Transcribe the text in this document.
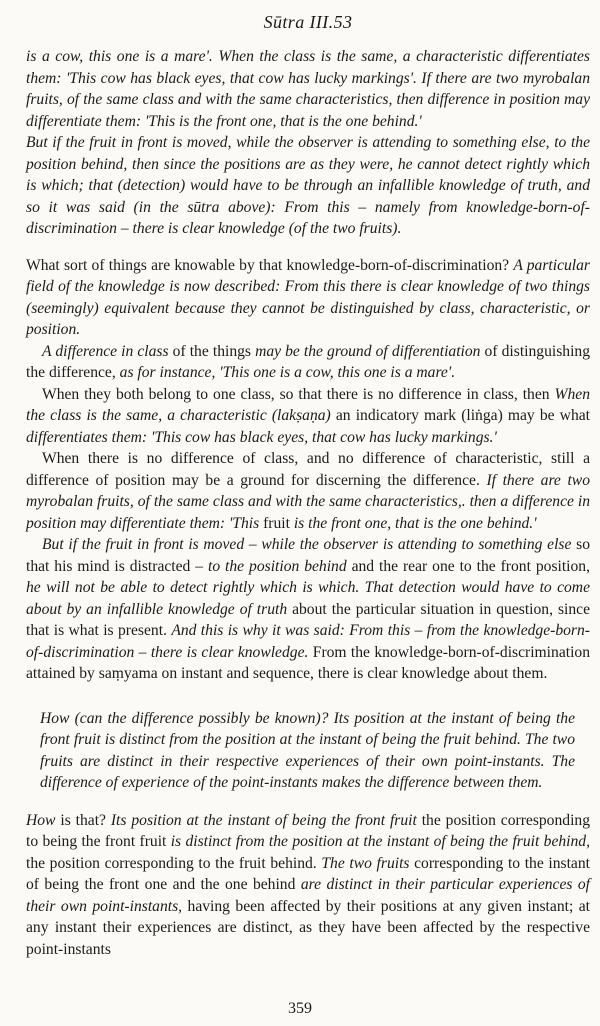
Sūtra III.53

is a cow, this one is a mare'. When the class is the same, a characteristic differentiates them: 'This cow has black eyes, that cow has lucky markings'. If there are two myrobalan fruits, of the same class and with the same characteristics, then difference in position may differentiate them: 'This is the front one, that is the one behind.'

But if the fruit in front is moved, while the observer is attending to something else, to the position behind, then since the positions are as they were, he cannot detect rightly which is which; that (detection) would have to be through an infallible knowledge of truth, and so it was said (in the sūtra above): From this – namely from knowledge-born-of-discrimination – there is clear knowledge (of the two fruits).

What sort of things are knowable by that knowledge-born-of-discrimination? A particular field of the knowledge is now described: From this there is clear knowledge of two things (seemingly) equivalent because they cannot be distinguished by class, characteristic, or position.

A difference in class of the things may be the ground of differentiation of distinguishing the difference, as for instance, 'This one is a cow, this one is a mare'.

When they both belong to one class, so that there is no difference in class, then When the class is the same, a characteristic (lakṣaṇa) an indicatory mark (liṅga) may be what differentiates them: 'This cow has black eyes, that cow has lucky markings.'

When there is no difference of class, and no difference of characteristic, still a difference of position may be a ground for discerning the difference. If there are two myrobalan fruits, of the same class and with the same characteristics,. then a difference in position may differentiate them: 'This fruit is the front one, that is the one behind.'

But if the fruit in front is moved – while the observer is attending to something else so that his mind is distracted – to the position behind and the rear one to the front position, he will not be able to detect rightly which is which. That detection would have to come about by an infallible knowledge of truth about the particular situation in question, since that is what is present. And this is why it was said: From this – from the knowledge-born-of-discrimination – there is clear knowledge. From the knowledge-born-of-discrimination attained by saṃyama on instant and sequence, there is clear knowledge about them.

How (can the difference possibly be known)? Its position at the instant of being the front fruit is distinct from the position at the instant of being the fruit behind. The two fruits are distinct in their respective experiences of their own point-instants. The difference of experience of the point-instants makes the difference between them.

How is that? Its position at the instant of being the front fruit the position corresponding to being the front fruit is distinct from the position at the instant of being the fruit behind, the position corresponding to the fruit behind. The two fruits corresponding to the instant of being the front one and the one behind are distinct in their particular experiences of their own point-instants, having been affected by their positions at any given instant; at any instant their experiences are distinct, as they have been affected by the respective point-instants

359
